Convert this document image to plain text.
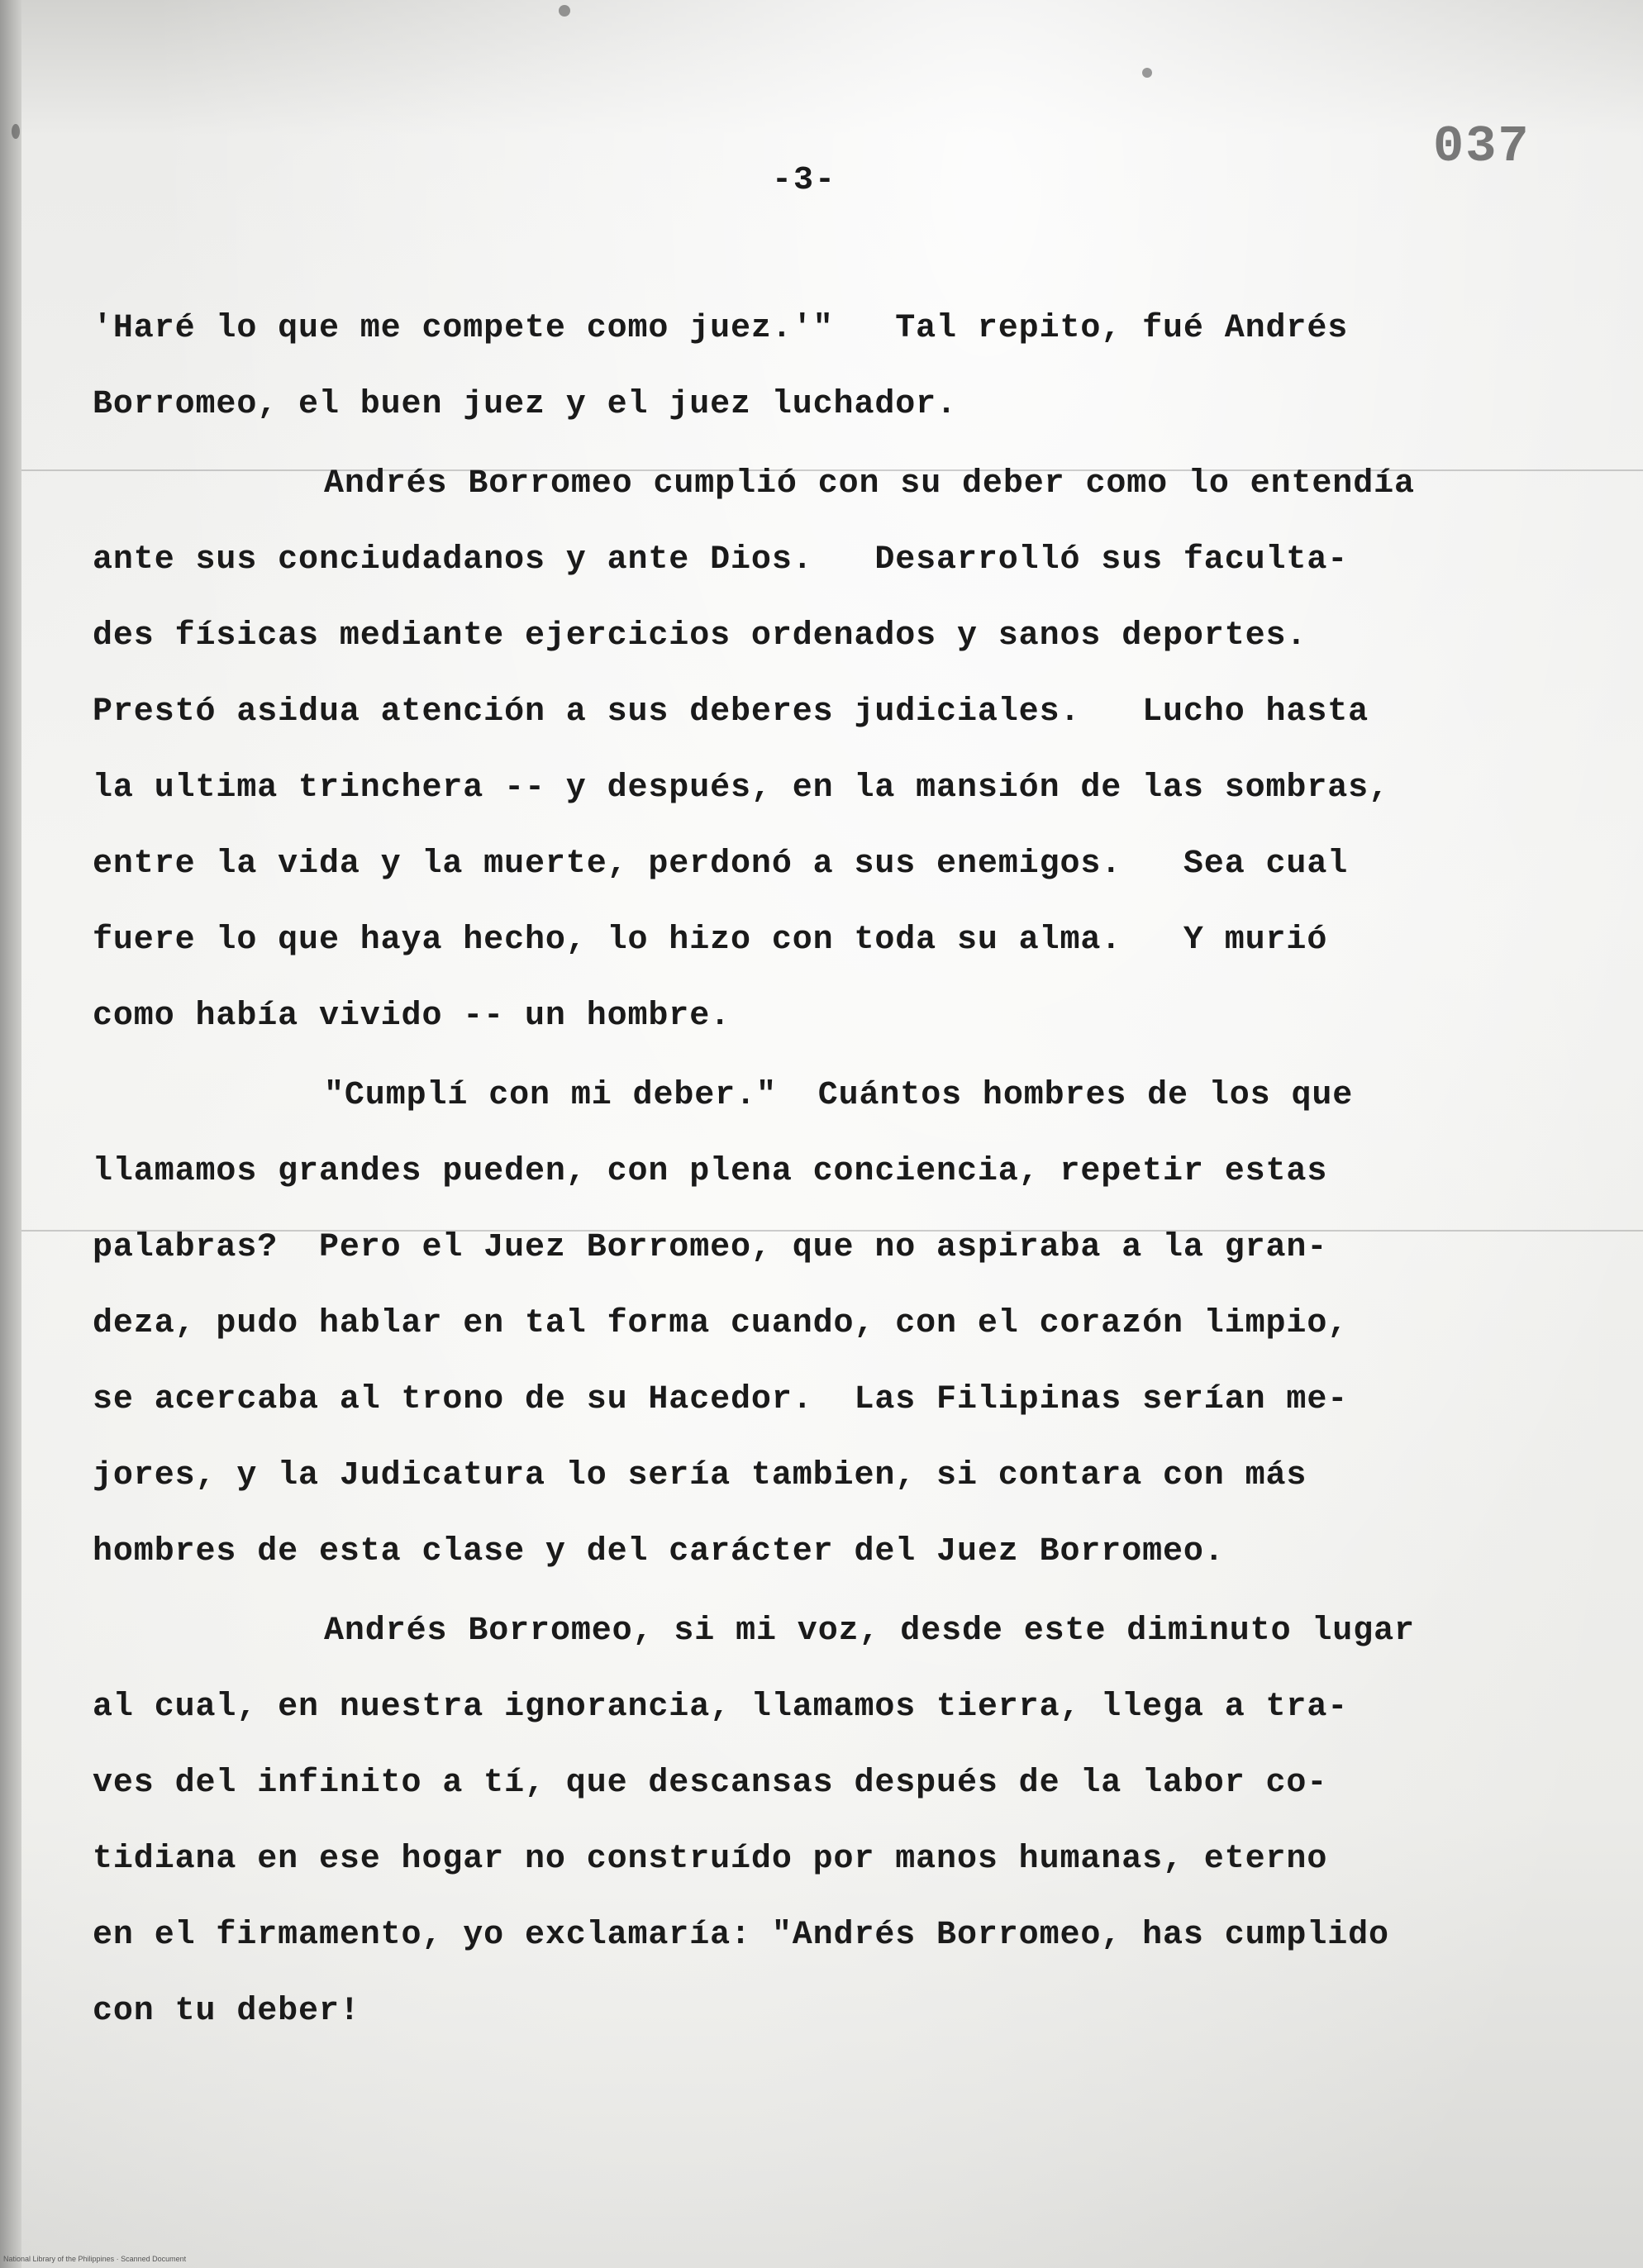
-3-
037
'Haré lo que me compete como juez.'"   Tal repito, fué Andrés
Borromeo, el buen juez y el juez luchador.
Andrés Borromeo cumplió con su deber como lo entendía
ante sus conciudadanos y ante Dios.   Desarrolló sus faculta-
des físicas mediante ejercicios ordenados y sanos deportes.
Prestó asidua atención a sus deberes judiciales.   Lucho hasta
la ultima trinchera -- y después, en la mansión de las sombras,
entre la vida y la muerte, perdonó a sus enemigos.   Sea cual
fuere lo que haya hecho, lo hizo con toda su alma.   Y murió
como había vivido -- un hombre.
"Cumplí con mi deber."  Cuántos hombres de los que
llamamos grandes pueden, con plena conciencia, repetir estas
palabras?  Pero el Juez Borromeo, que no aspiraba a la gran-
deza, pudo hablar en tal forma cuando, con el corazón limpio,
se acercaba al trono de su Hacedor.  Las Filipinas serían me-
jores, y la Judicatura lo sería tambien, si contara con más
hombres de esta clase y del carácter del Juez Borromeo.
Andrés Borromeo, si mi voz, desde este diminuto lugar
al cual, en nuestra ignorancia, llamamos tierra, llega a tra-
ves del infinito a tí, que descansas después de la labor co-
tidiana en ese hogar no construído por manos humanas, eterno
en el firmamento, yo exclamaría: "Andrés Borromeo, has cumplido
con tu deber!
National Library of the Philippines · Scanned Document
